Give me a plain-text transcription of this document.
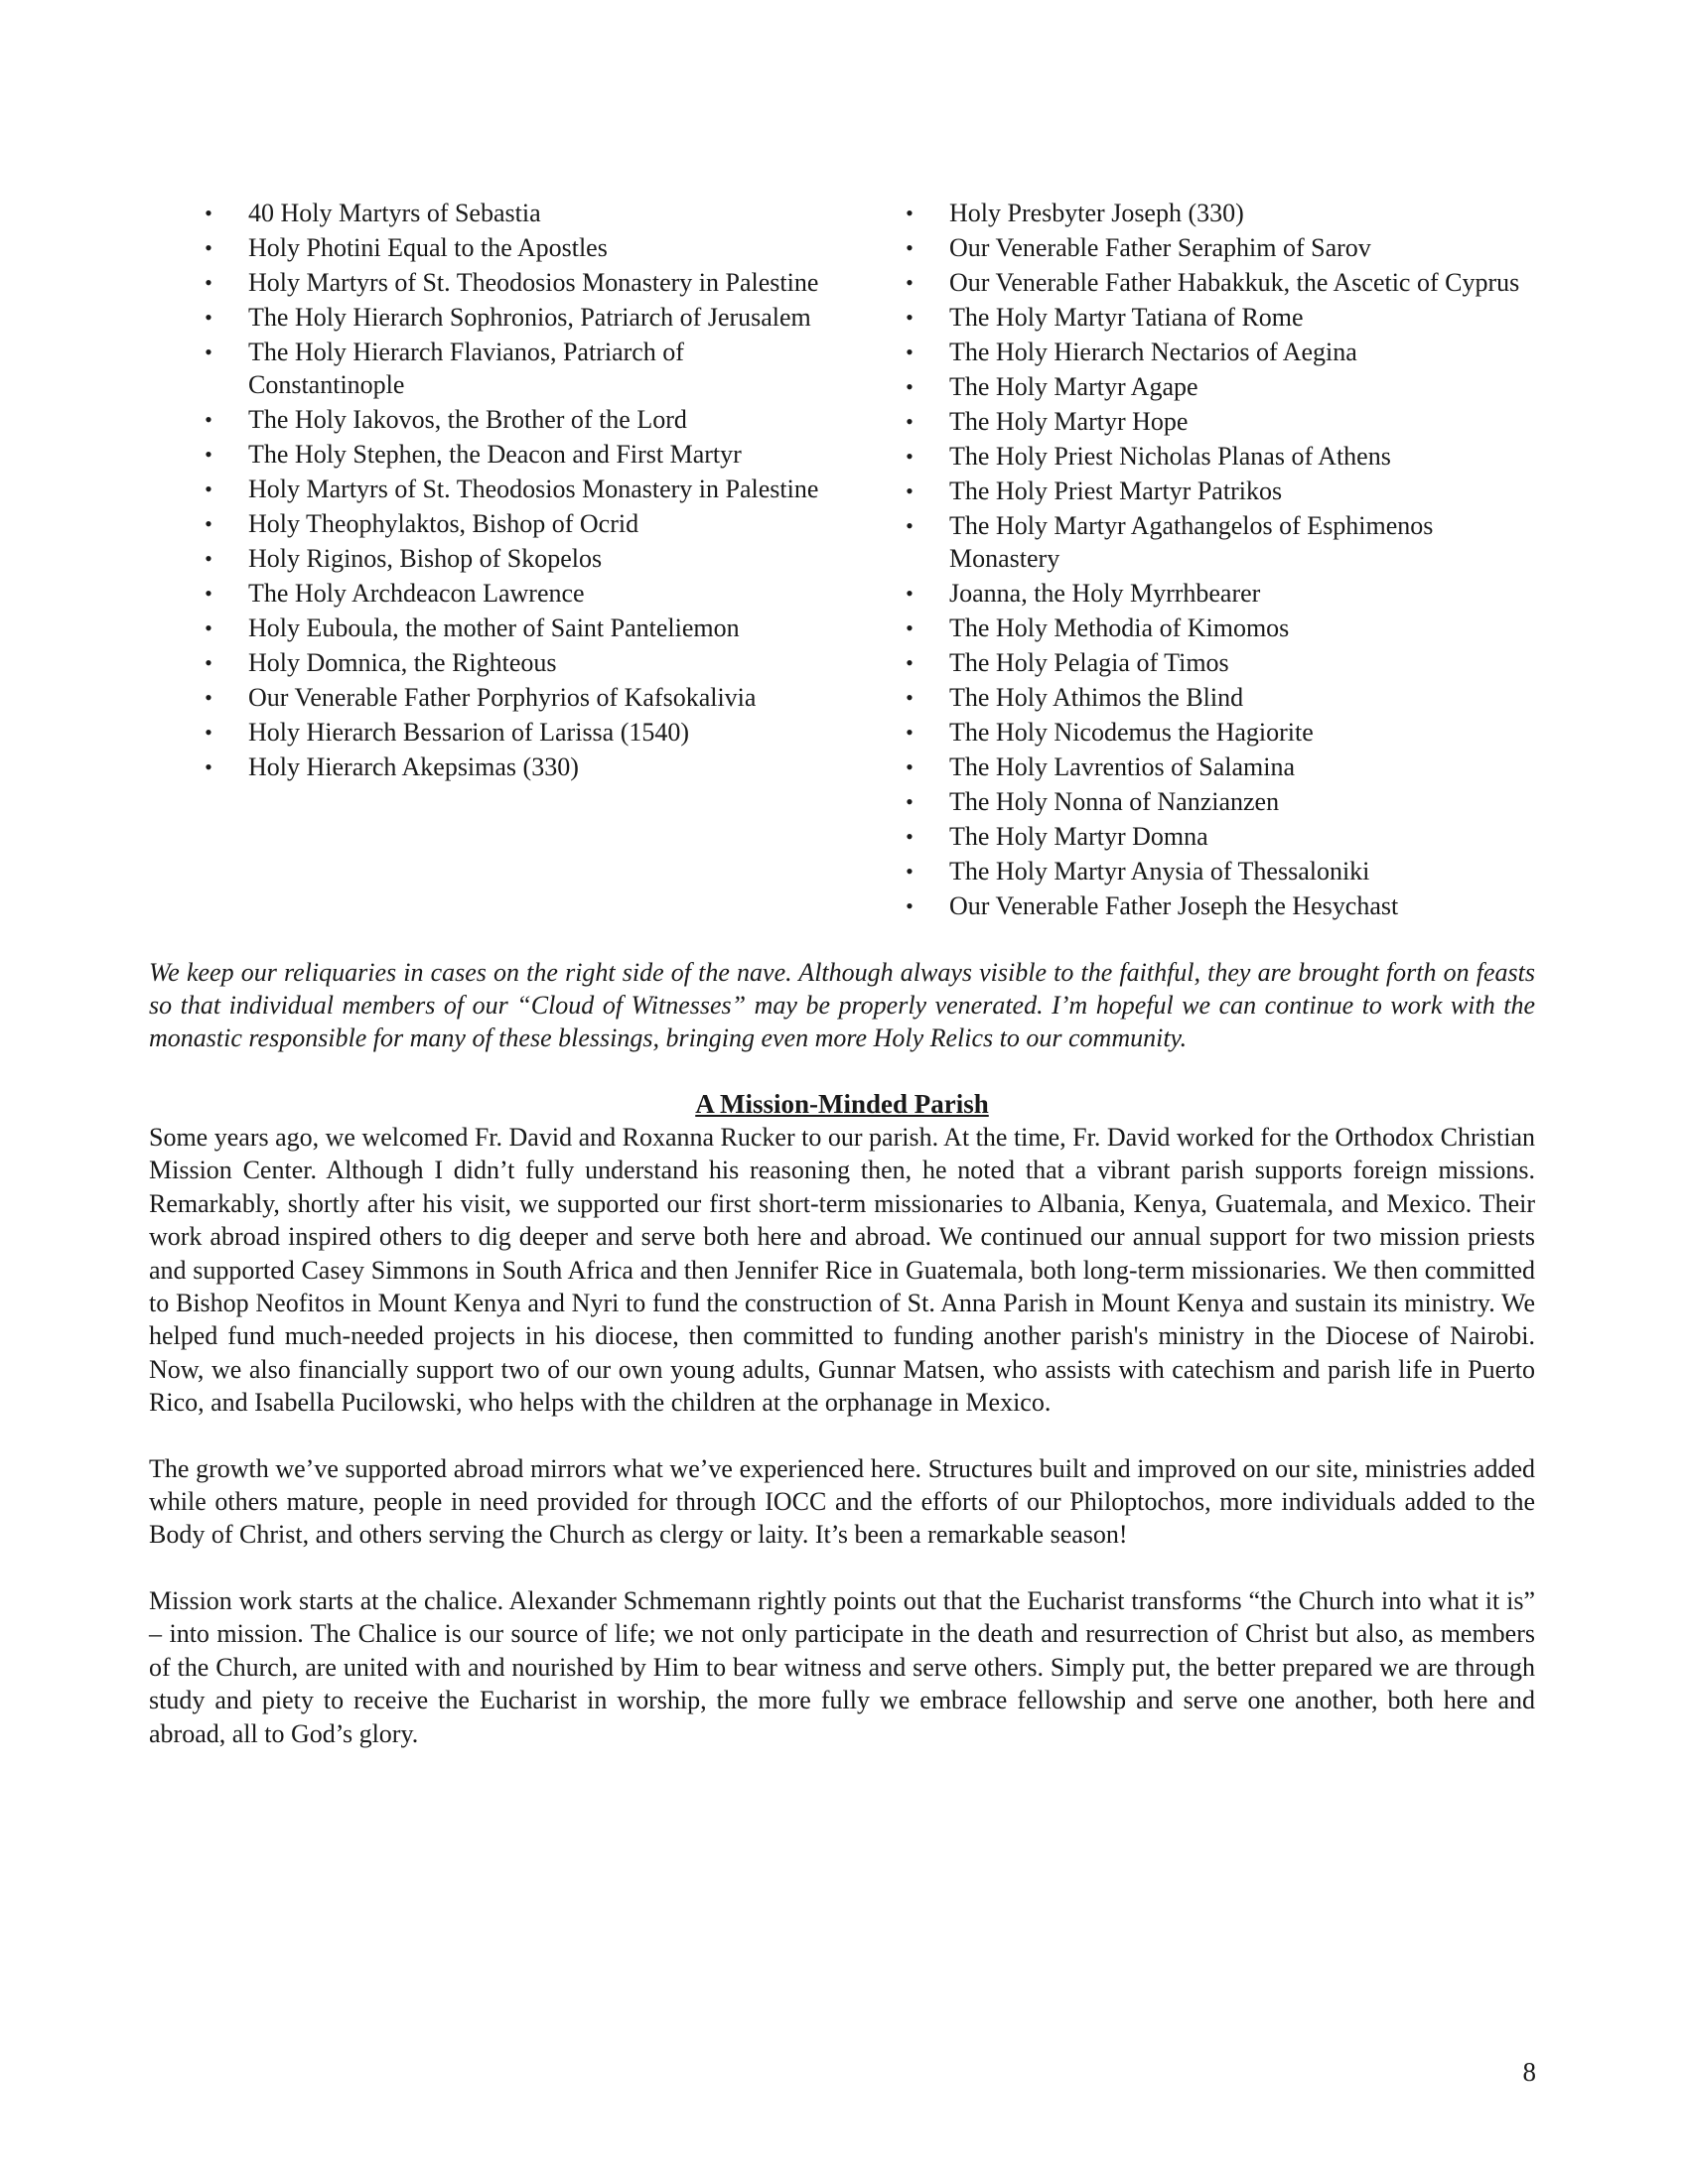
• 40 Holy Martyrs of Sebastia
• Holy Photini Equal to the Apostles
• Holy Martyrs of St. Theodosios Monastery in Palestine
• The Holy Hierarch Sophronios, Patriarch of Jerusalem
• The Holy Hierarch Flavianos, Patriarch of Constantinople
• The Holy Iakovos, the Brother of the Lord
• The Holy Stephen, the Deacon and First Martyr
• Holy Martyrs of St. Theodosios Monastery in Palestine
• Holy Theophylaktos, Bishop of Ocrid
• Holy Riginos, Bishop of Skopelos
• The Holy Archdeacon Lawrence
• Holy Euboula, the mother of Saint Panteliemon
• Holy Domnica, the Righteous
• Our Venerable Father Porphyrios of Kafsokalivia
• Holy Hierarch Bessarion of Larissa (1540)
• Holy Hierarch Akepsimas (330)
• Holy Presbyter Joseph (330)
• Our Venerable Father Seraphim of Sarov
• Our Venerable Father Habakkuk, the Ascetic of Cyprus
• The Holy Martyr Tatiana of Rome
• The Holy Hierarch Nectarios of Aegina
• The Holy Martyr Agape
• The Holy Martyr Hope
• The Holy Priest Nicholas Planas of Athens
• The Holy Priest Martyr Patrikos
• The Holy Martyr Agathangelos of Esphimenos Monastery
• Joanna, the Holy Myrrhbearer
• The Holy Methodia of Kimomos
• The Holy Pelagia of Timos
• The Holy Athimos the Blind
• The Holy Nicodemus the Hagiorite
• The Holy Lavrentios of Salamina
• The Holy Nonna of Nanzianzen
• The Holy Martyr Domna
• The Holy Martyr Anysia of Thessaloniki
• Our Venerable Father Joseph the Hesychast

We keep our reliquaries in cases on the right side of the nave. Although always visible to the faithful, they are brought forth on feasts so that individual members of our “Cloud of Witnesses” may be properly venerated. I’m hopeful we can continue to work with the monastic responsible for many of these blessings, bringing even more Holy Relics to our community.

A Mission-Minded Parish

Some years ago, we welcomed Fr. David and Roxanna Rucker to our parish. At the time, Fr. David worked for the Orthodox Christian Mission Center. Although I didn’t fully understand his reasoning then, he noted that a vibrant parish supports foreign missions. Remarkably, shortly after his visit, we supported our first short-term missionaries to Albania, Kenya, Guatemala, and Mexico. Their work abroad inspired others to dig deeper and serve both here and abroad. We continued our annual support for two mission priests and supported Casey Simmons in South Africa and then Jennifer Rice in Guatemala, both long-term missionaries. We then committed to Bishop Neofitos in Mount Kenya and Nyri to fund the construction of St. Anna Parish in Mount Kenya and sustain its ministry. We helped fund much-needed projects in his diocese, then committed to funding another parish's ministry in the Diocese of Nairobi. Now, we also financially support two of our own young adults, Gunnar Matsen, who assists with catechism and parish life in Puerto Rico, and Isabella Pucilowski, who helps with the children at the orphanage in Mexico.

The growth we’ve supported abroad mirrors what we’ve experienced here. Structures built and improved on our site, ministries added while others mature, people in need provided for through IOCC and the efforts of our Philoptochos, more individuals added to the Body of Christ, and others serving the Church as clergy or laity. It’s been a remarkable season!

Mission work starts at the chalice. Alexander Schmemann rightly points out that the Eucharist transforms “the Church into what it is” – into mission. The Chalice is our source of life; we not only participate in the death and resurrection of Christ but also, as members of the Church, are united with and nourished by Him to bear witness and serve others. Simply put, the better prepared we are through study and piety to receive the Eucharist in worship, the more fully we embrace fellowship and serve one another, both here and abroad, all to God’s glory.

8
